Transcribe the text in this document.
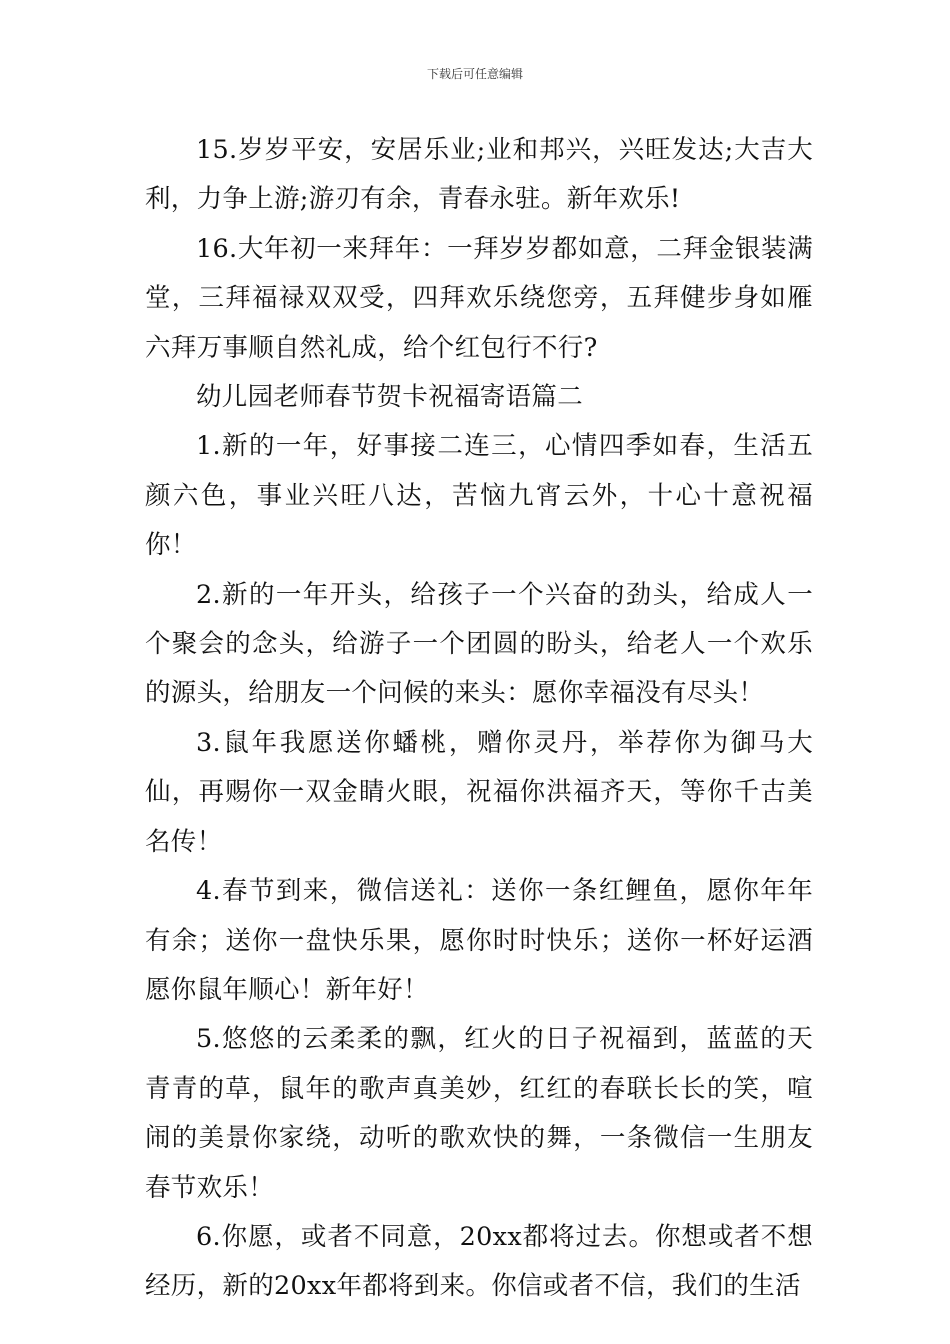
下载后可任意编辑

15.岁岁平安，安居乐业;业和邦兴，兴旺发达;大吉大利，力争上游;游刃有余，青春永驻。新年欢乐!

16.大年初一来拜年：一拜岁岁都如意，二拜金银装满堂，三拜福禄双双受，四拜欢乐绕您旁，五拜健步身如雁六拜万事顺自然礼成，给个红包行不行?

幼儿园老师春节贺卡祝福寄语篇二

1.新的一年，好事接二连三，心情四季如春，生活五颜六色，事业兴旺八达，苦恼九宵云外，十心十意祝福你！

2.新的一年开头，给孩子一个兴奋的劲头，给成人一个聚会的念头，给游子一个团圆的盼头，给老人一个欢乐的源头，给朋友一个问候的来头：愿你幸福没有尽头！

3.鼠年我愿送你蟠桃，赠你灵丹，举荐你为御马大仙，再赐你一双金睛火眼，祝福你洪福齐天，等你千古美名传！

4.春节到来，微信送礼：送你一条红鲤鱼，愿你年年有余；送你一盘快乐果，愿你时时快乐；送你一杯好运酒愿你鼠年顺心！新年好！

5.悠悠的云柔柔的飘，红火的日子祝福到，蓝蓝的天青青的草，鼠年的歌声真美妙，红红的春联长长的笑，喧闹的美景你家绕，动听的歌欢快的舞，一条微信一生朋友春节欢乐！

6.你愿，或者不同意，20xx都将过去。你想或者不想经历，新的20xx年都将到来。你信或者不信，我们的生活
